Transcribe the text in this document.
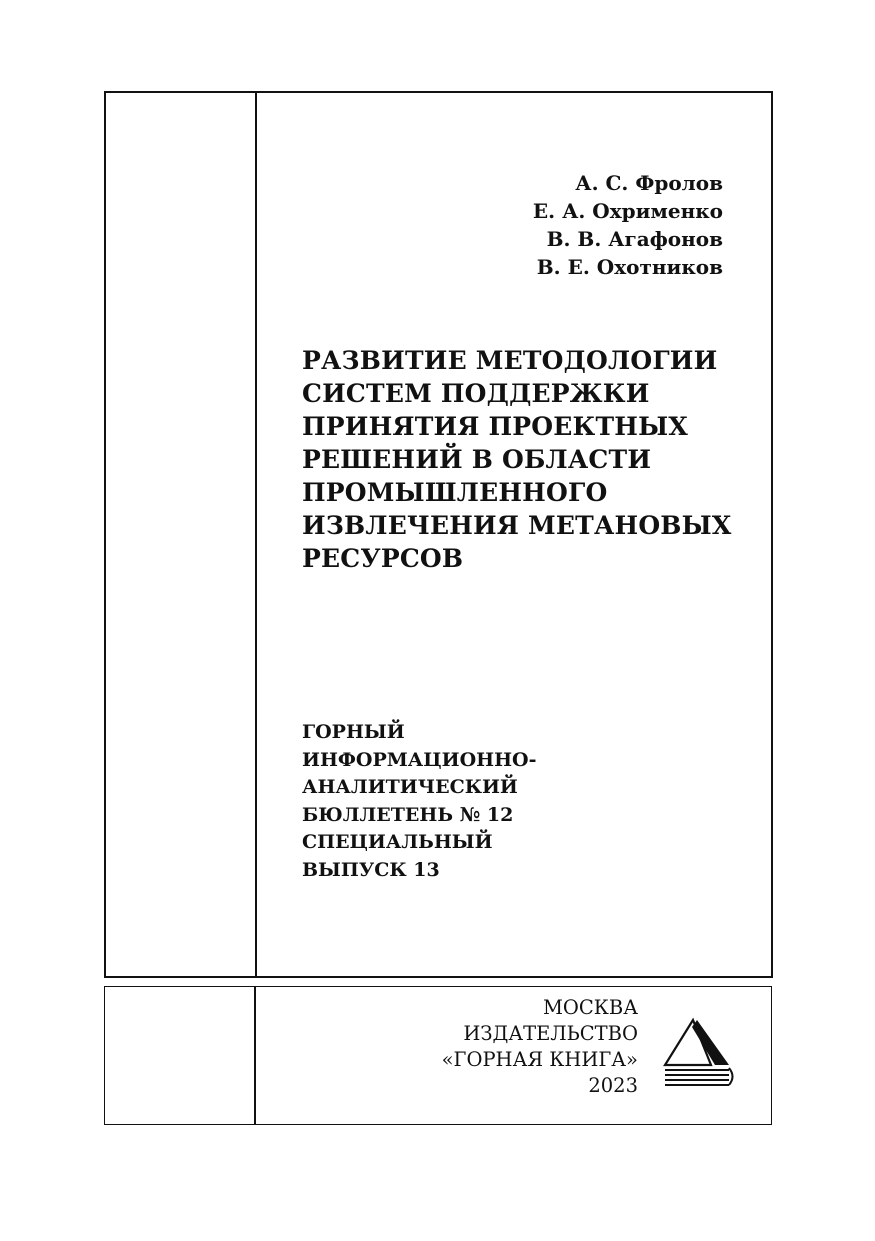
А. С. Фролов
Е. А. Охрименко
В. В. Агафонов
В. Е. Охотников
РАЗВИТИЕ МЕТОДОЛОГИИ
СИСТЕМ ПОДДЕРЖКИ
ПРИНЯТИЯ ПРОЕКТНЫХ
РЕШЕНИЙ В ОБЛАСТИ
ПРОМЫШЛЕННОГО
ИЗВЛЕЧЕНИЯ МЕТАНОВЫХ
РЕСУРСОВ
ГОРНЫЙ
ИНФОРМАЦИОННО-
АНАЛИТИЧЕСКИЙ
БЮЛЛЕТЕНЬ № 12
СПЕЦИАЛЬНЫЙ
ВЫПУСК 13
МОСКВА
ИЗДАТЕЛЬСТВО
«ГОРНАЯ КНИГА»
2023
